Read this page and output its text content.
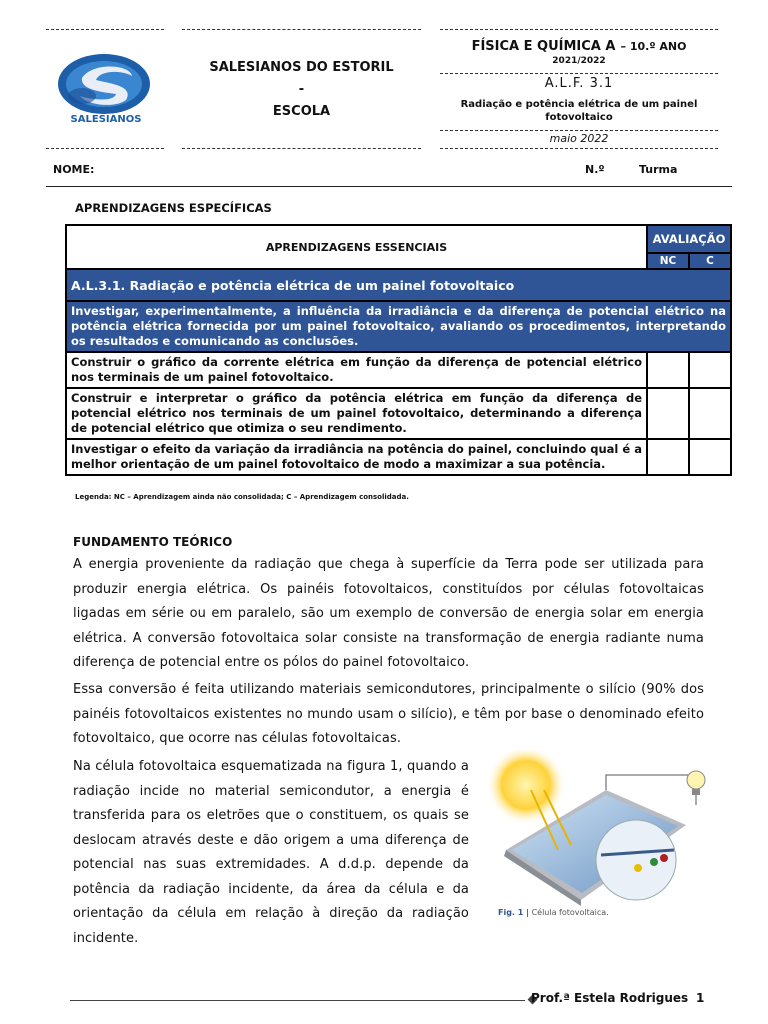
Fundação
SALESIANOS
SALESIANOS DO ESTORIL
-
ESCOLA
FÍSICA E QUÍMICA A – 10.º ANO
2021/2022
A.L.F. 3.1
Radiação e potência elétrica de um painel fotovoltaico
maio 2022
NOME:	N.º	Turma
APRENDIZAGENS ESPECÍFICAS
APRENDIZAGENS ESSENCIAIS	AVALIAÇÃO	
	NC	C
A.L.3.1. Radiação e potência elétrica de um painel fotovoltaico		
Investigar, experimentalmente, a influência da irradiância e da diferença de potencial elétrico na potência elétrica fornecida por um painel fotovoltaico, avaliando os procedimentos, interpretando os resultados e comunicando as conclusões.		
Construir o gráfico da corrente elétrica em função da diferença de potencial elétrico nos terminais de um painel fotovoltaico.		
Construir e interpretar o gráfico da potência elétrica em função da diferença de potencial elétrico nos terminais de um painel fotovoltaico, determinando a diferença de potencial elétrico que otimiza o seu rendimento.		
Investigar o efeito da variação da irradiância na potência do painel, concluindo qual é a melhor orientação de um painel fotovoltaico de modo a maximizar a sua potência.		
Legenda: NC – Aprendizagem ainda não consolidada; C – Aprendizagem consolidada.
FUNDAMENTO TEÓRICO
A energia proveniente da radiação que chega à superfície da Terra pode ser utilizada para produzir energia elétrica. Os painéis fotovoltaicos, constituídos por células fotovoltaicas ligadas em série ou em paralelo, são um exemplo de conversão de energia solar em energia elétrica. A conversão fotovoltaica solar consiste na transformação de energia radiante numa diferença de potencial entre os pólos do painel fotovoltaico.
Essa conversão é feita utilizando materiais semicondutores, principalmente o silício (90% dos painéis fotovoltaicos existentes no mundo usam o silício), e têm por base o denominado efeito fotovoltaico, que ocorre nas células fotovoltaicas.
Na célula fotovoltaica esquematizada na figura 1, quando a radiação incide no material semicondutor, a energia é transferida para os eletrões que o constituem, os quais se deslocam através deste e dão origem a uma diferença de potencial nas suas extremidades. A d.d.p. depende da potência da radiação incidente, da área da célula e da orientação da célula em relação à direção da radiação incidente.
Fig. 1 | Célula fotovoltaica.
Prof.ª Estela Rodrigues 1
